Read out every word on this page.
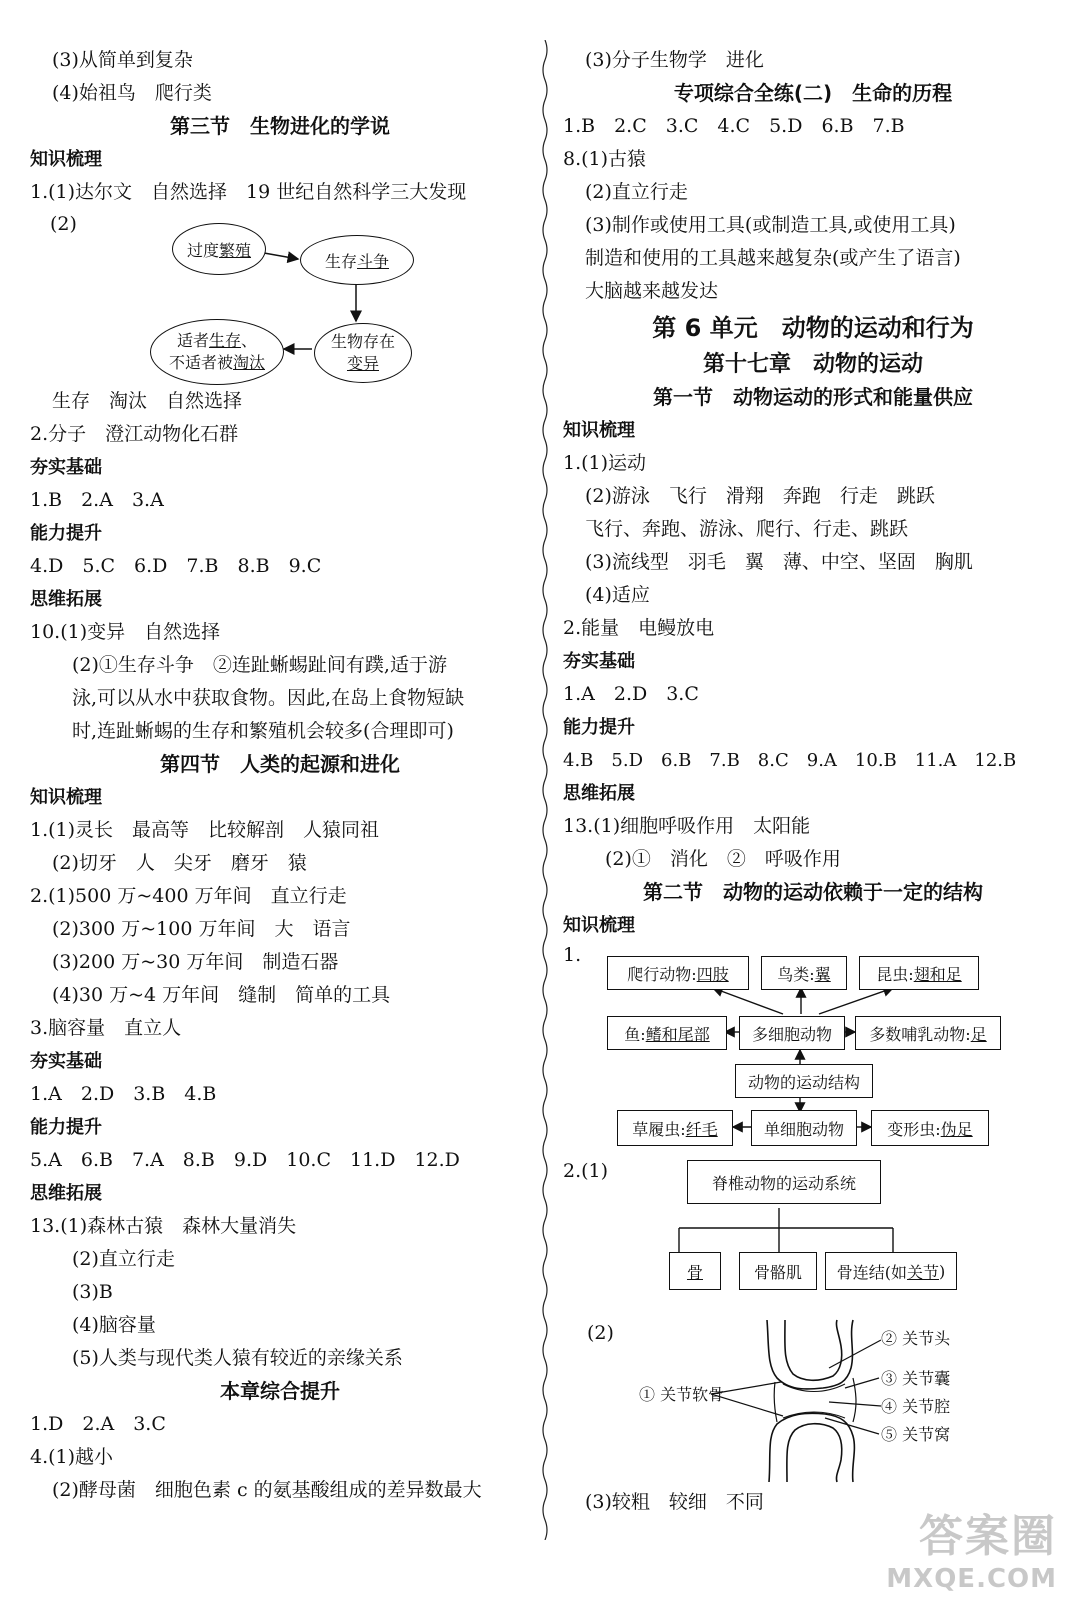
(3)从简单到复杂
(4)始祖鸟　爬行类
第三节　生物进化的学说
知识梳理
1.(1)达尔文　自然选择　19 世纪自然科学三大发现
(2)
过度 繁殖
生存 斗争
适者生存、
不适者被淘汰
生物存在
变异
生存　淘汰　自然选择
2.分子　澄江动物化石群
夯实基础
1.B　2.A　3.A
能力提升
4.D　5.C　6.D　7.B　8.B　9.C
思维拓展
10.(1)变异　自然选择
(2)①生存斗争　②连趾蜥蜴趾间有蹼,适于游
泳,可以从水中获取食物。因此,在岛上食物短缺
时,连趾蜥蜴的生存和繁殖机会较多(合理即可)
第四节　人类的起源和进化
知识梳理
1.(1)灵长　最高等　比较解剖　人猿同祖
(2)切牙　人　尖牙　磨牙　猿
2.(1)500 万~400 万年间　直立行走
(2)300 万~100 万年间　大　语言
(3)200 万~30 万年间　制造石器
(4)30 万~4 万年间　缝制　简单的工具
3.脑容量　直立人
夯实基础
1.A　2.D　3.B　4.B
能力提升
5.A　6.B　7.A　8.B　9.D　10.C　11.D　12.D
思维拓展
13.(1)森林古猿　森林大量消失
(2)直立行走
(3)B
(4)脑容量
(5)人类与现代类人猿有较近的亲缘关系
本章综合提升
1.D　2.A　3.C
4.(1)越小
(2)酵母菌　细胞色素 c 的氨基酸组成的差异数最大
(3)分子生物学　进化
专项综合全练(二)　生命的历程
1.B　2.C　3.C　4.C　5.D　6.B　7.B
8.(1)古猿
(2)直立行走
(3)制作或使用工具(或制造工具,或使用工具)
制造和使用的工具越来越复杂(或产生了语言)
大脑越来越发达
第 6 单元　动物的运动和行为
第十七章　动物的运动
第一节　动物运动的形式和能量供应
知识梳理
1.(1)运动
(2)游泳　飞行　滑翔　奔跑　行走　跳跃
飞行、奔跑、游泳、爬行、行走、跳跃
(3)流线型　羽毛　翼　薄、中空、坚固　胸肌
(4)适应
2.能量　电鳗放电
夯实基础
1.A　2.D　3.C
能力提升
4.B　5.D　6.B　7.B　8.C　9.A　10.B　11.A　12.B
思维拓展
13.(1)细胞呼吸作用　太阳能
(2)①　消化　②　呼吸作用
第二节　动物的运动依赖于一定的结构
知识梳理
1.
爬行动物: 四肢	鸟类: 翼	昆虫: 翅和足
鱼: 鳍和尾部	多细胞动物 多数哺乳动物: 足
动物的运动结构
草履虫: 纤毛	单细胞动物	变形虫: 伪足
2.(1)
脊椎动物的运动系统
骨	骨骼肌 骨连结(如 关节 )
(2)	② 关节头
③ 关节囊
④ 关节腔
⑤ 关节窝
① 关节软骨
(3)较粗　较细　不同
答案圈
MXQE.COM
